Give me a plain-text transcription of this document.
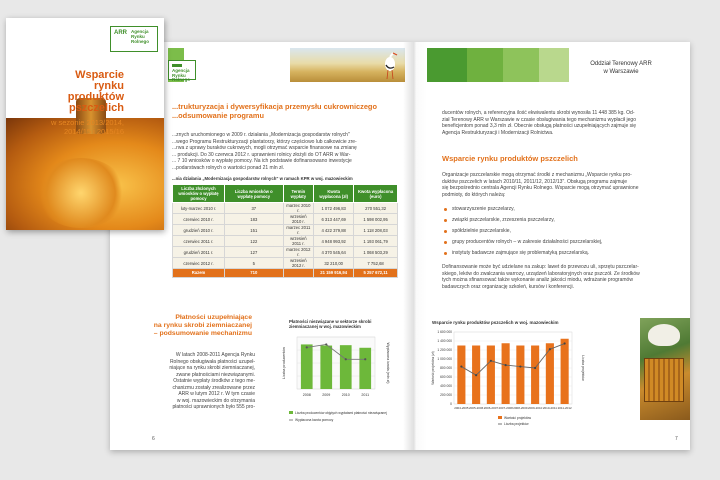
Oddział Terenowy ARR
w Warszawie
Agencja
Rynku
Rolnego
...trukturyzacja i dywersyfikacja przemysłu cukrowniczego
...odsumowanie programu
...znych uruchomionego w 2009 r. działania „Modernizacja gospodarstw rolnych"
...wego Programu Restrukturyzacji plantatorzy, którzy częściowo lub całkowicie zre-
...rwa z uprawy buraków cukrowych, mogli otrzymać wsparcie finansowe na zmianę
... produkcji. Do 30 czerwca 2012 r. uprawnieni rolnicy złożyli do OT ARR w War-
... 7 10 wniosków o wypłatę pomocy. Na ich podstawie dofinansowano inwestycje
...podarstwach rolnych o wartości ponad 21 mln zł.
...nia działania „Modernizacja gospodarstw rolnych" w ramach KPR w woj. mazowieckim
Liczba złożonych wniosków o wypłatę pomocy	Liczba wniosków o wypłatę pomocy	Termin wypłaty	Kwota wypłacona (zł)	Kwota wypłacona (euro)
luty-marzec 2010 r.	37	marzec 2010 r.	1 072 496,83	270 551,32
czerwiec 2010 r.	183	wrzesień 2010 r.	6 313 447,69	1 598 002,95
grudzień 2010 r.	151	marzec 2011 r.	4 422 379,88	1 118 208,03
czerwiec 2011 r.	122	wrzesień 2011 r.	4 948 993,92	1 193 061,79
grudzień 2011 r.	127	marzec 2012 r.	4 370 545,64	1 068 503,29
czerwiec 2012 r.	5	wrzesień 2012 r.	32 210,00	7 752,68
Razem	710		21 159 916,94	5 257 672,11
Płatności uzupełniające
na rynku skrobi ziemniaczanej
– podsumowanie mechanizmu
W latach 2008-2011 Agencja Rynku
Rolnego obsługiwała płatności uzupeł-
niające na rynku skrobi ziemniaczanej,
zwane płatnościami niezwiązanymi.
Ostatnie wypłaty środków z tego me-
chanizmu zostały zrealizowane przez
ARR w lutym 2012 r. W tym czasie
w woj. mazowieckim do otrzymania
płatności uprawnionych było 555 pro-
Płatności niezwiązane w sektorze skrobi ziemniaczanej w woj. mazowieckim
2008	2009	2010	2011
Liczba producentów	Wypłacona kwota (mln zł)
Liczba producentów objętych wypłatami płatności niezwiązanej
Wypłacona kwota pomocy
6
ducentów rolnych, a referencyjna ilość ekwiwalentu skrobi wynosiła 11 448 385 kg. Od-
ział Terenowy ARR w Warszawie w czasie obsługiwania tego mechanizmu wypłacił jego
beneficjentom ponad 3,3 mln zł. Obecnie obsługą płatności uzupełniających zajmuje się
Agencja Restrukturyzacji i Modernizacji Rolnictwa.
Wsparcie rynku produktów pszczelich
Organizacje pszczelarskie mogą otrzymać środki z mechanizmu „Wsparcie rynku pro-
duktów pszczelich w latach 2010/11, 2011/12, 2012/13". Obsługą programu zajmuje
się bezpośrednio centrala Agencji Rynku Rolnego. Wsparcie mogą otrzymać uprawnione
podmioty, do których należą:
stowarzyszenie pszczelarzy,
związki pszczelarskie, zrzeszenia pszczelarzy,
spółdzielnie pszczelarskie,
grupy producentów rolnych – w zakresie działalności pszczelarskiej,
instytuty badawcze zajmujące się problematyką pszczelarską.
Dofinansowanie może być udzielane na zakup: lawet do przewozu uli, sprzętu pszczelar-
skiego, leków do zwalczania warrozy, urządzeń laboratoryjnych oraz pszczół. Ze środków
tych można sfinansować także wykonanie analiz jakości miodu, wdrażanie programów
badawczych oraz organizację szkoleń, kursów i konferencji.
Wsparcie rynku produktów pszczelich w woj. mazowieckim
1 600 000
1 400 000
1 200 000
1 000 000
800 000
600 000
400 000
200 000
0
2004-2005 2005-2006 2006-2007 2007-2008 2008-2009 2009-2010 2010-2011 2011-2012
Wartość projektów (zł)	Liczba projektów
Wartość projektów
Liczba projektów
7
ARR Agencja
Rynku
Rolnego
Wsparcie
rynku
produktów
pszczelich
w sezonie 2013/2014,
2014/15 i 2015/16
